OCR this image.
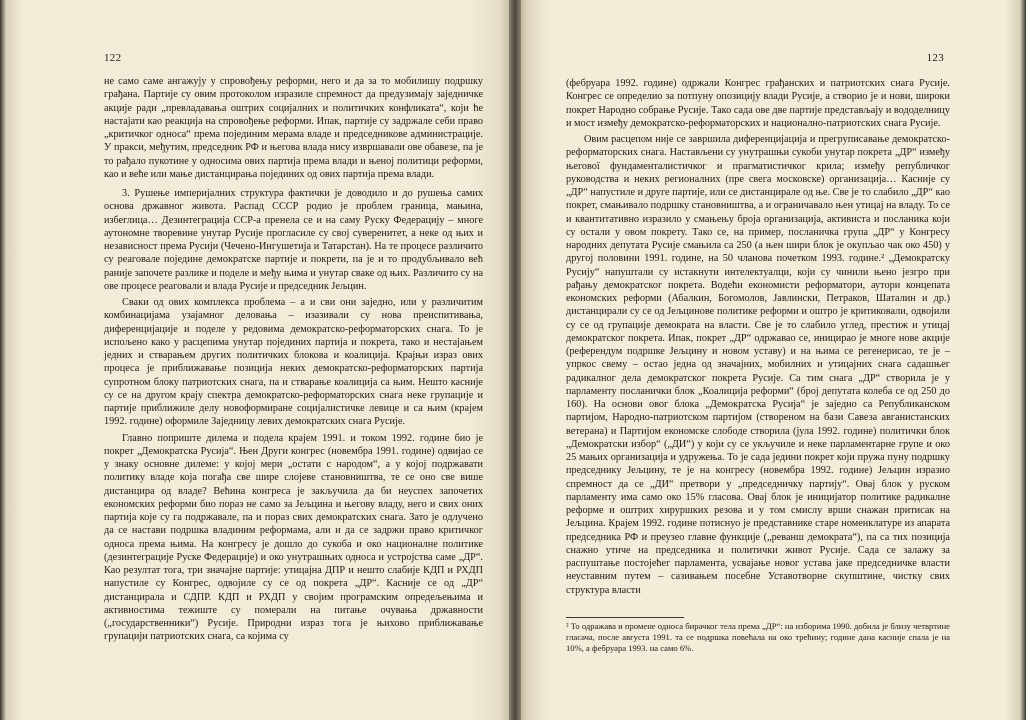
122

не само саме ангажују у спровођењу реформи, него и да за то мобилишу подршку грађана. Партије су овим протоколом изразиле спремност да предузимају заједничке акције ради „превладавања оштрих социјалних и политичких конфликата“, који ће настајати као реакција на спровођење реформи. Ипак, партије су задржале себи право „критичког односа“ према појединим мерама владе и председникове администрације. У пракси, међутим, председник РФ и његова влада нису извршавали ове обавезе, па је то рађало пукотине у односима ових партија према влади и њеној политици реформи, као и веће или мање дистанцирања појединих од ових партија према влади.

3. Рушење империјалних структура фактички је доводило и до рушења самих основа државног живота. Распад СССР родио је проблем граница, мањина, избеглица… Дезинтеграција ССР-а пренела се и на саму Руску Федерацију – многе аутономне творевине унутар Русије прогласиле су свој суверенитет, а неке од њих и независност према Русији (Чечено-Ингушетија и Татарстан). На те процесе различито су реаговале поједине демократске партије и покрети, па је и то продубљивало већ раније започете разлике и поделе и међу њима и унутар сваке од њих. Различито су на ове процесе реаговали и влада Русије и председник Јељцин.

Сваки од ових комплекса проблема – а и сви они заједно, или у различитим комбинацијама узајамног деловања – изазивали су нова преиспитивања, диференцијације и поделе у редовима демократско-реформаторских снага. То је испољено како у расцепима унутар појединих партија и покрета, тако и нестајањем једних и стварањем других политичких блокова и коалиција. Крајњи израз ових процеса је приближавање позиција неких демократско-реформаторских партија супротном блоку патриотских снага, па и стварање коалиција са њим. Нешто касније су се на другом крају спектра демократско-реформаторских снага неке групације и партије приближиле делу новоформиране социјалистичке левице и са њим (крајем 1992. године) оформиле Заједницу левих демократских снага Русије.

Главно поприште дилема и подела крајем 1991. и током 1992. године био је покрет „Демократска Русија“. Њен Други конгрес (новембра 1991. године) одвијао се у знаку основне дилеме: у којој мери „остати с народом“, а у којој подржавати политику владе која погађа све шире слојеве становништва, те се оно све више дистанцира од владе? Већина конгреса је закључила да би неуспех започетих економских реформи био пораз не само за Јељцина и његову владу, него и свих оних партија које су га подржавале, па и пораз свих демократских снага. Зато је одлучено да се настави подршка владиним реформама, али и да се задржи право критичког односа према њима. На конгресу је дошло до сукоба и око националне политике (дезинтеграције Руске Федерације) и око унутрашњих односа и устројства саме „ДР“. Као резултат тога, три значајне партије: утицајна ДПР и нешто слабије КДП и РХДП напустиле су Конгрес, одвојиле су се од покрета „ДР“. Касније се од „ДР“ дистанцирала и СДПР. КДП и РХДП у својим програмским опредељењима и активностима тежиште су померали на питање очувања државности („государственники“) Русије. Природни израз тога је њихово приближавање групацији патриотских снага, са којима су

123

(фебруара 1992. године) одржали Конгрес грађанских и патриотских снага Русије. Конгрес се определио за потпуну опозицију влади Русије, а створио је и нови, широки покрет Народно собрање Русије. Тако сада ове две партије представљају и вододелницу и мост између демократско-реформаторских и национално-патриотских снага Русије.

Овим расцепом није се завршила диференцијација и прегруписавање демократско-реформаторских снага. Настављени су унутрашњи сукоби унутар покрета „ДР“ између његової фундаменталистичког и прагматистичког крила; између републичког руководства и неких регионалних (пре свега московске) организација… Касније су „ДР“ напустиле и друге партије, или се дистанцирале од ње. Све је то слабило „ДР“ као покрет, смањивало подршку становништва, а и ограничавало њен утицај на владу. То се и квантитативно изразило у смањењу броја организација, активиста и посланика који су остали у овом покрету. Тако се, на пример, посланичка група „ДР“ у Конгресу народних депутата Русије смањила са 250 (а њен шири блок је окупљао чак око 450) у другој половини 1991. године, на 50 чланова почетком 1993. године.² „Демократску Русију“ напуштали су истакнути интелектуалци, који су чинили њено језгро при рађању демократског покрета. Водећи економисти реформатори, аутори концепата економских реформи (Абалкин, Богомолов, Јавлински, Петраков, Шаталин и др.) дистанцирали су се од Јељцинове политике реформи и оштро је критиковали, одвојили су се од групације демократа на власти. Све је то слабило углед, престиж и утицај демократског покрета. Ипак, покрет „ДР“ одржавао се, иницирао је многе нове акције (референдум подршке Јељцину и новом уставу) и на њима се регенерисао, те је – упркос свему – остао једна од значајних, мобилних и утицајних снага садашњег радикалног дела демократског покрета Русије. Са тим снага „ДР“ створила је у парламенту посланички блок „Коалиција реформи“ (број депутата колеба се од 250 до 160). На основи овог блока „Демократска Русија“ је заједно са Републиканском партијом, Народно-патриотском партијом (створеном на бази Савеза авганистанских ветерана) и Партијом економске слободе створила (јула 1992. године) политички блок „Демократски избор“ („ДИ“) у који су се укључиле и неке парламентарне групе и око 25 мањих организација и удружења. То је сада једини покрет који пружа пуну подршку председнику Јељцину, те је на конгресу (новембра 1992. године) Јељцин изразио спремност да се „ДИ“ претвори у „председничку партију“. Овај блок у руском парламенту има само око 15% гласова. Овај блок је иницијатор политике радикалне реформе и оштрих хируршких резова и у том смислу врши снажан притисак на Јељцина. Крајем 1992. године потиснуо је представнике старе номенклатуре из апарата председника РФ и преузео главне функције („реванш демократа“), па са тих позиција снажно утиче на председника и политички живот Русије. Сада се залажу за распуштање постојећег парламента, усвајање новог устава јаке председничке власти неуставним путем – сазивањем посебне Уставотворне скупштине, чистку свих структура власти

² То одражава и промене односа бирачког тела према „ДР“: на изборима 1990. добила је близу четвртине гласача, после августа 1991. та се подршка повећала на око трећину; године дана касније спала је на 10%, а фебруара 1993. на само 6%.
